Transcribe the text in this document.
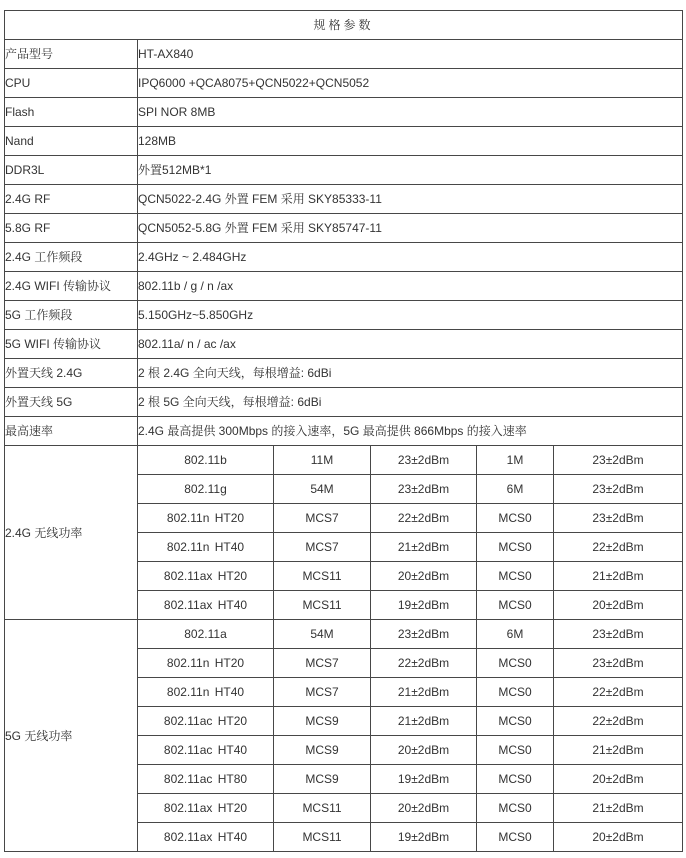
规格参数					
产品型号	HT-AX840				
CPU	IPQ6000 +QCA8075+QCN5022+QCN5052				
Flash	SPI NOR 8MB				
Nand	128MB				
DDR3L	外置512MB*1				
2.4G RF	QCN5022-2.4G 外置 FEM 采用 SKY85333-11				
5.8G RF	QCN5052-5.8G 外置 FEM 采用 SKY85747-11				
2.4G 工作频段	2.4GHz ~ 2.484GHz				
2.4G WIFI 传输协议	802.11b / g / n /ax				
5G 工作频段	5.150GHz~5.850GHz				
5G WIFI 传输协议	802.11a/ n / ac /ax				
外置天线 2.4G	2 根 2.4G 全向天线，每根增益: 6dBi				
外置天线 5G	2 根 5G 全向天线，每根增益: 6dBi				
最高速率	2.4G 最高提供 300Mbps 的接入速率，5G 最高提供 866Mbps 的接入速率				
2.4G 无线功率	802.11b	11M	23±2dBm	1M	23±2dBm
	802.11g	54M	23±2dBm	6M	23±2dBm
	802.11n HT20	MCS7	22±2dBm	MCS0	23±2dBm
	802.11n HT40	MCS7	21±2dBm	MCS0	22±2dBm
	802.11ax HT20	MCS11	20±2dBm	MCS0	21±2dBm
	802.11ax HT40	MCS11	19±2dBm	MCS0	20±2dBm
5G 无线功率	802.11a	54M	23±2dBm	6M	23±2dBm
	802.11n HT20	MCS7	22±2dBm	MCS0	23±2dBm
	802.11n HT40	MCS7	21±2dBm	MCS0	22±2dBm
	802.11ac HT20	MCS9	21±2dBm	MCS0	22±2dBm
	802.11ac HT40	MCS9	20±2dBm	MCS0	21±2dBm
	802.11ac HT80	MCS9	19±2dBm	MCS0	20±2dBm
	802.11ax HT20	MCS11	20±2dBm	MCS0	21±2dBm
	802.11ax HT40	MCS11	19±2dBm	MCS0	20±2dBm
